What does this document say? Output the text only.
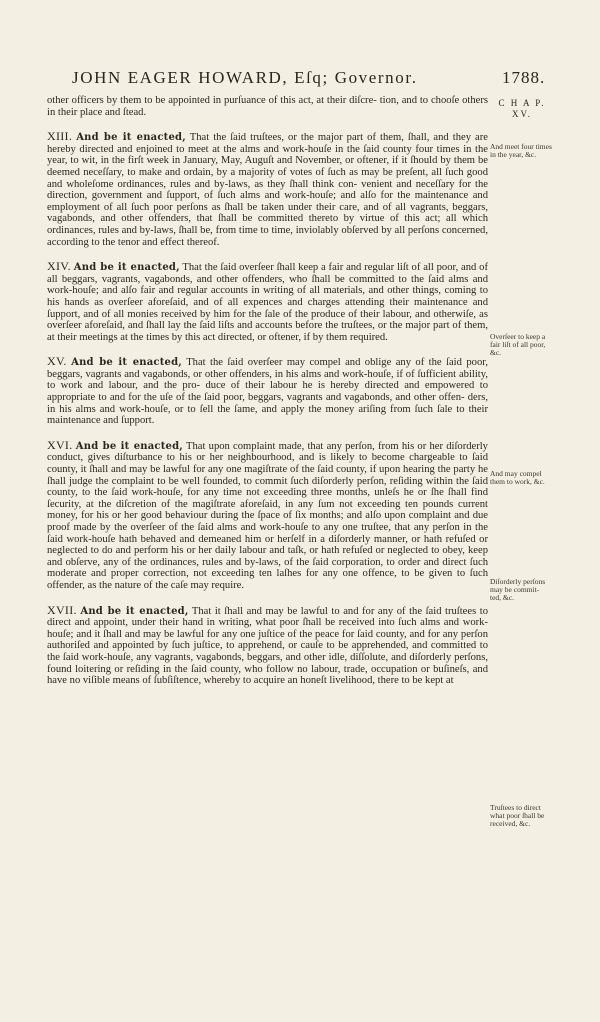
JOHN EAGER HOWARD, Eſq; Governor.	1788.
C H A P. XV.

other officers by them to be appointed in purſuance of this act, at their diſcre- tion, and to chooſe others in their place and ſtead.

XIII. And be it enacted, That the ſaid truſtees, or the major part of them, ſhall, and they are hereby directed and enjoined to meet at the alms and work-houſe in the ſaid county four times in the year, to wit, in the firſt week in January, May, Auguſt and November, or oftener, if it ſhould by them be deemed neceſſary, to make and ordain, by a majority of votes of ſuch as may be preſent, all ſuch good and wholeſome ordinances, rules and by-laws, as they ſhall think con- venient and neceſſary for the direction, government and ſupport, of ſuch alms and work-houſe; and alſo for the maintenance and employment of all ſuch poor perſons as ſhall be taken under their care, and of all vagrants, beggars, vagabonds, and other offenders, that ſhall be committed thereto by virtue of this act; all which ordinances, rules and by-laws, ſhall be, from time to time, inviolably obſerved by all perſons concerned, according to the tenor and effect thereof.

XIV. And be it enacted, That the ſaid overſeer ſhall keep a fair and regular liſt of all poor, and of all beggars, vagrants, vagabonds, and other offenders, who ſhall be committed to the ſaid alms and work-houſe; and alſo fair and regular accounts in writing of all materials, and other things, coming to his hands as overſeer aforeſaid, and of all expences and charges attending their maintenance and ſupport, and of all monies received by him for the ſale of the produce of their labour, and otherwiſe, as overſeer aforeſaid, and ſhall lay the ſaid liſts and accounts before the truſtees, or the major part of them, at their meetings at the times by this act directed, or oftener, if by them required.

XV. And be it enacted, That the ſaid overſeer may compel and oblige any of the ſaid poor, beggars, vagrants and vagabonds, or other offenders, in his alms and work-houſe, if of ſufficient ability, to work and labour, and the pro- duce of their labour he is hereby directed and empowered to appropriate to and for the uſe of the ſaid poor, beggars, vagrants and vagabonds, and other offen- ders, in his alms and work-houſe, or to ſell the ſame, and apply the money ariſing from ſuch ſale to their maintenance and ſupport.

XVI. And be it enacted, That upon complaint made, that any perſon, from his or her diſorderly conduct, gives diſturbance to his or her neighbourhood, and is likely to become chargeable to ſaid county, it ſhall and may be lawful for any one magiſtrate of the ſaid county, if upon hearing the party he ſhall judge the complaint to be well founded, to commit ſuch diſorderly perſon, reſiding within the ſaid county, to the ſaid work-houſe, for any time not exceeding three months, unleſs he or ſhe ſhall find ſecurity, at the diſcretion of the magiſtrate aforeſaid, in any ſum not exceeding ten pounds current money, for his or her good behaviour during the ſpace of ſix months; and alſo upon complaint and due proof made by the overſeer of the ſaid alms and work-houſe to any one truſtee, that any perſon in the ſaid work-houſe hath behaved and demeaned him or herſelf in a diſorderly manner, or hath refuſed or neglected to do and perform his or her daily labour and taſk, or hath refuſed or neglected to obey, keep and obſerve, any of the ordinances, rules and by-laws, of the ſaid corporation, to order and direct ſuch moderate and proper correction, not exceeding ten laſhes for any one offence, to be given to ſuch offender, as the nature of the caſe may require.

XVII. And be it enacted, That it ſhall and may be lawful to and for any of the ſaid truſtees to direct and appoint, under their hand in writing, what poor ſhall be received into ſuch alms and work-houſe; and it ſhall and may be lawful for any one juſtice of the peace for ſaid county, and for any perſon authoriſed and appointed by ſuch juſtice, to apprehend, or cauſe to be apprehended, and committed to the ſaid work-houſe, any vagrants, vagabonds, beggars, and other idle, diſſolute, and diſorderly perſons, found loitering or reſiding in the ſaid county, who follow no labour, trade, occupation or buſineſs, and have no viſible means of ſubſiſtence, whereby to acquire an honeſt livelihood, there to be kept at

And meet four times in the year, &c.
Overſeer to keep a fair liſt of all poor, &c.
And may compel them to work, &c.
Diſorderly perſons may be commit- ted, &c.
Truſtees to direct what poor ſhall be received, &c.
